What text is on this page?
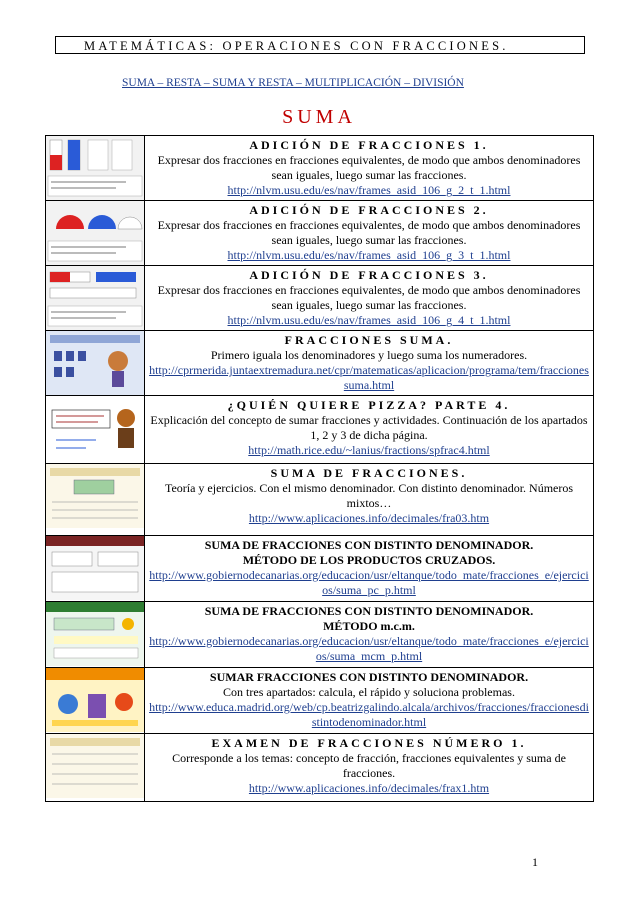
MATEMÁTICAS: OPERACIONES CON FRACCIONES.
SUMA – RESTA – SUMA Y RESTA – MULTIPLICACIÓN – DIVISIÓN
SUMA

ADICIÓN DE FRACCIONES 1.
Expresar dos fracciones en fracciones equivalentes, de modo que ambos denominadores sean iguales, luego sumar las fracciones.
http://nlvm.usu.edu/es/nav/frames_asid_106_g_2_t_1.html

ADICIÓN DE FRACCIONES 2.
Expresar dos fracciones en fracciones equivalentes, de modo que ambos denominadores sean iguales, luego sumar las fracciones.
http://nlvm.usu.edu/es/nav/frames_asid_106_g_3_t_1.html

ADICIÓN DE FRACCIONES 3.
Expresar dos fracciones en fracciones equivalentes, de modo que ambos denominadores sean iguales, luego sumar las fracciones.
http://nlvm.usu.edu/es/nav/frames_asid_106_g_4_t_1.html

FRACCIONES SUMA.
Primero iguala los denominadores y luego suma los numeradores.
http://cprmerida.juntaextremadura.net/cpr/matematicas/aplicacion/programa/tem/fraccionessuma.html

¿QUIÉN QUIERE PIZZA? PARTE 4.
Explicación del concepto de sumar fracciones y actividades. Continuación de los apartados 1, 2 y 3 de dicha página.
http://math.rice.edu/~lanius/fractions/spfrac4.html

SUMA DE FRACCIONES.
Teoría y ejercicios. Con el mismo denominador. Con distinto denominador. Números mixtos…
http://www.aplicaciones.info/decimales/fra03.htm

SUMA DE FRACCIONES CON DISTINTO DENOMINADOR.
MÉTODO DE LOS PRODUCTOS CRUZADOS.
http://www.gobiernodecanarias.org/educacion/usr/eltanque/todo_mate/fracciones_e/ejercicios/suma_pc_p.html

SUMA DE FRACCIONES CON DISTINTO DENOMINADOR.
MÉTODO m.c.m.
http://www.gobiernodecanarias.org/educacion/usr/eltanque/todo_mate/fracciones_e/ejercicios/suma_mcm_p.html

SUMAR FRACCIONES CON DISTINTO DENOMINADOR.
Con tres apartados: calcula, el rápido y soluciona problemas.
http://www.educa.madrid.org/web/cp.beatrizgalindo.alcala/archivos/fracciones/fraccionesdistintodenominador.html

EXAMEN DE FRACCIONES NÚMERO 1.
Corresponde a los temas: concepto de fracción, fracciones equivalentes y suma de fracciones.
http://www.aplicaciones.info/decimales/frax1.htm
1
